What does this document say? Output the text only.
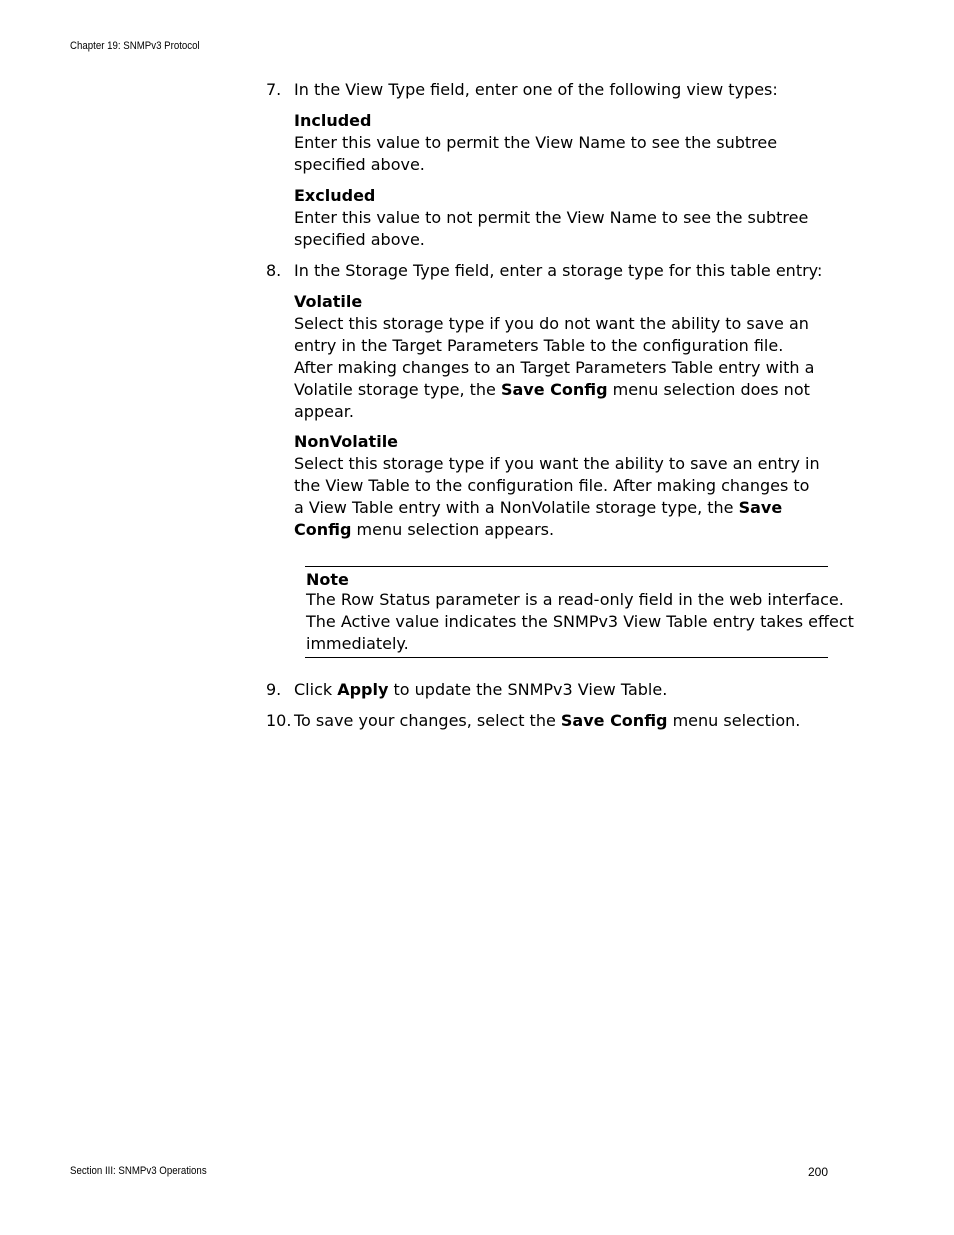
Chapter 19: SNMPv3 Protocol
7. In the View Type field, enter one of the following view types:
Included
Enter this value to permit the View Name to see the subtree
specified above.
Excluded
Enter this value to not permit the View Name to see the subtree
specified above.
8. In the Storage Type field, enter a storage type for this table entry:
Volatile
Select this storage type if you do not want the ability to save an
entry in the Target Parameters Table to the configuration file.
After making changes to an Target Parameters Table entry with a
Volatile storage type, the Save Config menu selection does not
appear.
NonVolatile
Select this storage type if you want the ability to save an entry in
the View Table to the configuration file. After making changes to
a View Table entry with a NonVolatile storage type, the Save
Config menu selection appears.
Note
The Row Status parameter is a read-only field in the web interface.
The Active value indicates the SNMPv3 View Table entry takes effect
immediately.
9. Click Apply to update the SNMPv3 View Table.
10. To save your changes, select the Save Config menu selection.
Section III: SNMPv3 Operations	200
